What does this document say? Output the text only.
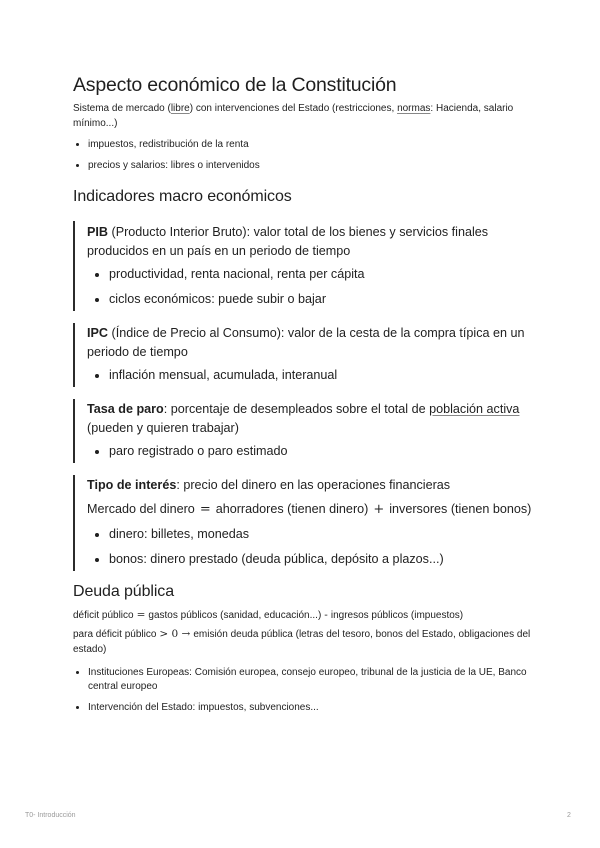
Aspecto económico de la Constitución
Sistema de mercado (libre) con intervenciones del Estado (restricciones, normas: Hacienda, salario mínimo...)
• impuestos, redistribución de la renta
• precios y salarios: libres o intervenidos
Indicadores macro económicos

PIB (Producto Interior Bruto): valor total de los bienes y servicios finales producidos en un país en un periodo de tiempo

• productividad, renta nacional, renta per cápita
• ciclos económicos: puede subir o bajar

IPC (Índice de Precio al Consumo): valor de la cesta de la compra típica en un periodo de tiempo

• inflación mensual, acumulada, interanual

Tasa de paro: porcentaje de desempleados sobre el total de población activa (pueden y quieren trabajar)

• paro registrado o paro estimado

Tipo de interés: precio del dinero en las operaciones financieras

Mercado del dinero = ahorradores (tienen dinero) + inversores (tienen bonos)

• dinero: billetes, monedas
• bonos: dinero prestado (deuda pública, depósito a plazos...)
Deuda pública
déficit público = gastos públicos (sanidad, educación...) - ingresos públicos (impuestos)
para déficit público > 0 → emisión deuda pública (letras del tesoro, bonos del Estado, obligaciones del estado)
• Instituciones Europeas: Comisión europea, consejo europeo, tribunal de la justicia de la UE, Banco central europeo
• Intervención del Estado: impuestos, subvenciones...
T0- Introducción	2
